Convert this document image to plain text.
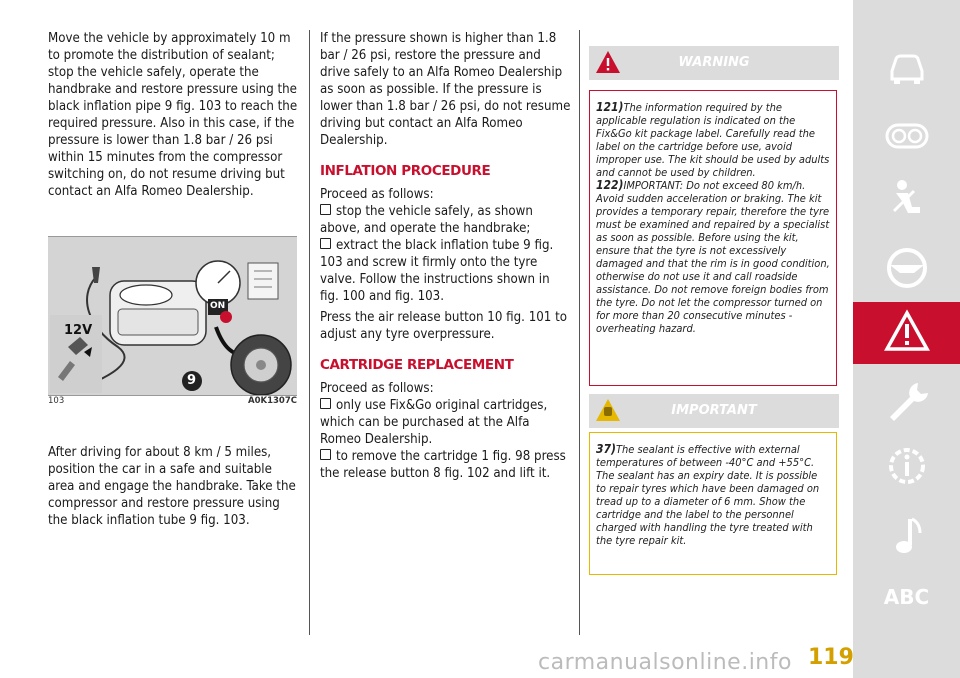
Move the vehicle by approximately 10 m to promote the distribution of sealant; stop the vehicle safely, operate the handbrake and restore pressure using the black inflation pipe 9 fig. 103 to reach the required pressure. Also in this case, if the pressure is lower than 1.8 bar / 26 psi within 15 minutes from the compressor switching on, do not resume driving but contact an Alfa Romeo Dealership.

12V
ON
9
103	A0K1307C

After driving for about 8 km / 5 miles, position the car in a safe and suitable area and engage the handbrake. Take the compressor and restore pressure using the black inflation tube 9 fig. 103.

If the pressure shown is higher than 1.8 bar / 26 psi, restore the pressure and drive safely to an Alfa Romeo Dealership as soon as possible. If the pressure is lower than 1.8 bar / 26 psi, do not resume driving but contact an Alfa Romeo Dealership.

INFLATION PROCEDURE

Proceed as follows:

stop the vehicle safely, as shown above, and operate the handbrake;

extract the black inflation tube 9 fig. 103 and screw it firmly onto the tyre valve. Follow the instructions shown in fig. 100 and fig. 103.

Press the air release button 10 fig. 101 to adjust any tyre overpressure.

CARTRIDGE REPLACEMENT

Proceed as follows:

only use Fix&Go original cartridges, which can be purchased at the Alfa Romeo Dealership.

to remove the cartridge 1 fig. 98 press the release button 8 fig. 102 and lift it.

WARNING
121)The information required by the applicable regulation is indicated on the Fix&Go kit package label. Carefully read the label on the cartridge before use, avoid improper use. The kit should be used by adults and cannot be used by children.
122)IMPORTANT: Do not exceed 80 km/h. Avoid sudden acceleration or braking. The kit provides a temporary repair, therefore the tyre must be examined and repaired by a specialist as soon as possible. Before using the kit, ensure that the tyre is not excessively damaged and that the rim is in good condition, otherwise do not use it and call roadside assistance. Do not remove foreign bodies from the tyre. Do not let the compressor turned on for more than 20 consecutive minutes - overheating hazard.
IMPORTANT
37)The sealant is effective with external temperatures of between -40°C and +55°C. The sealant has an expiry date. It is possible to repair tyres which have been damaged on tread up to a diameter of 6 mm. Show the cartridge and the label to the personnel charged with handling the tyre treated with the tyre repair kit.
ABC
carmanualsonline.info 119
